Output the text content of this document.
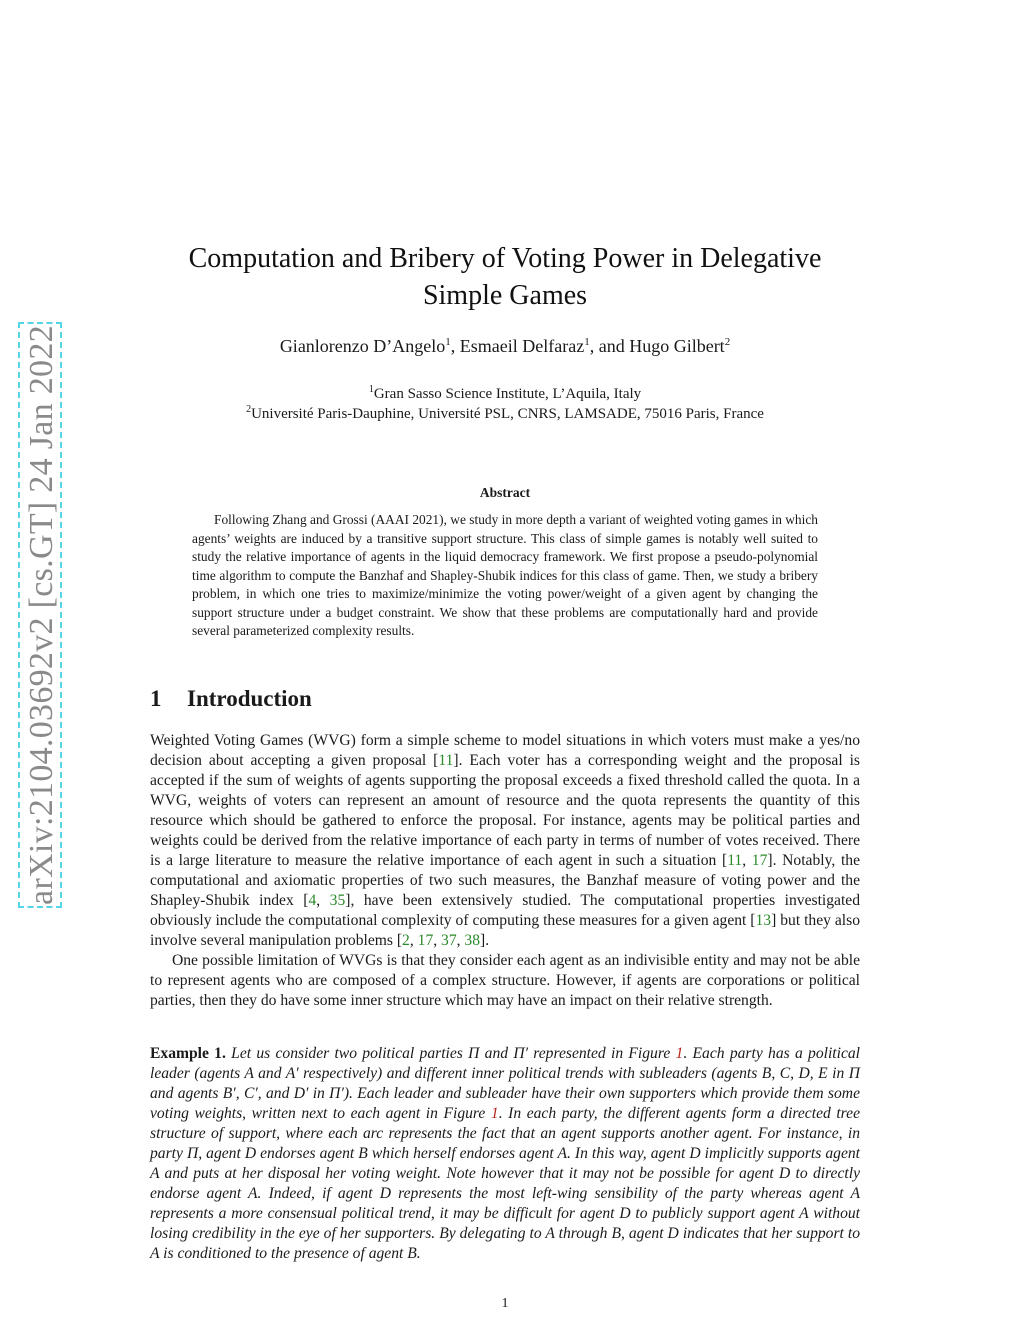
arXiv:2104.03692v2 [cs.GT] 24 Jan 2022
Computation and Bribery of Voting Power in Delegative
Simple Games
Gianlorenzo D’Angelo$^1$, Esmaeil Delfaraz$^1$, and Hugo Gilbert$^2$
$^1$Gran Sasso Science Institute, L’Aquila, Italy
$^2$Université Paris-Dauphine, Université PSL, CNRS, LAMSADE, 75016 Paris, France
Abstract

Following Zhang and Grossi (AAAI 2021), we study in more depth a variant of weighted voting games in which agents’ weights are induced by a transitive support structure. This class of simple games is notably well suited to study the relative importance of agents in the liquid democracy framework. We first propose a pseudo-polynomial time algorithm to compute the Banzhaf and Shapley-Shubik indices for this class of game. Then, we study a bribery problem, in which one tries to maximize/minimize the voting power/weight of a given agent by changing the support structure under a budget constraint. We show that these problems are computationally hard and provide several parameterized complexity results.

1 Introduction

Weighted Voting Games (WVG) form a simple scheme to model situations in which voters must make a yes/no decision about accepting a given proposal [11]. Each voter has a corresponding weight and the proposal is accepted if the sum of weights of agents supporting the proposal exceeds a fixed threshold called the quota. In a WVG, weights of voters can represent an amount of resource and the quota represents the quantity of this resource which should be gathered to enforce the proposal. For instance, agents may be political parties and weights could be derived from the relative importance of each party in terms of number of votes received. There is a large literature to measure the relative importance of each agent in such a situation [11, 17]. Notably, the computational and axiomatic properties of two such measures, the Banzhaf measure of voting power and the Shapley-Shubik index [4, 35], have been extensively studied. The computational properties investigated obviously include the computational complexity of computing these measures for a given agent [13] but they also involve several manipulation problems [2, 17, 37, 38].

One possible limitation of WVGs is that they consider each agent as an indivisible entity and may not be able to represent agents who are composed of a complex structure. However, if agents are corporations or political parties, then they do have some inner structure which may have an impact on their relative strength.

Example 1. Let us consider two political parties Π and Π′ represented in Figure 1. Each party has a political leader (agents A and A′ respectively) and different inner political trends with subleaders (agents B, C, D, E in Π and agents B′, C′, and D′ in Π′). Each leader and subleader have their own supporters which provide them some voting weights, written next to each agent in Figure 1. In each party, the different agents form a directed tree structure of support, where each arc represents the fact that an agent supports another agent. For instance, in party Π, agent D endorses agent B which herself endorses agent A. In this way, agent D implicitly supports agent A and puts at her disposal her voting weight. Note however that it may not be possible for agent D to directly endorse agent A. Indeed, if agent D represents the most left-wing sensibility of the party whereas agent A represents a more consensual political trend, it may be difficult for agent D to publicly support agent A without losing credibility in the eye of her supporters. By delegating to A through B, agent D indicates that her support to A is conditioned to the presence of agent B.

1
